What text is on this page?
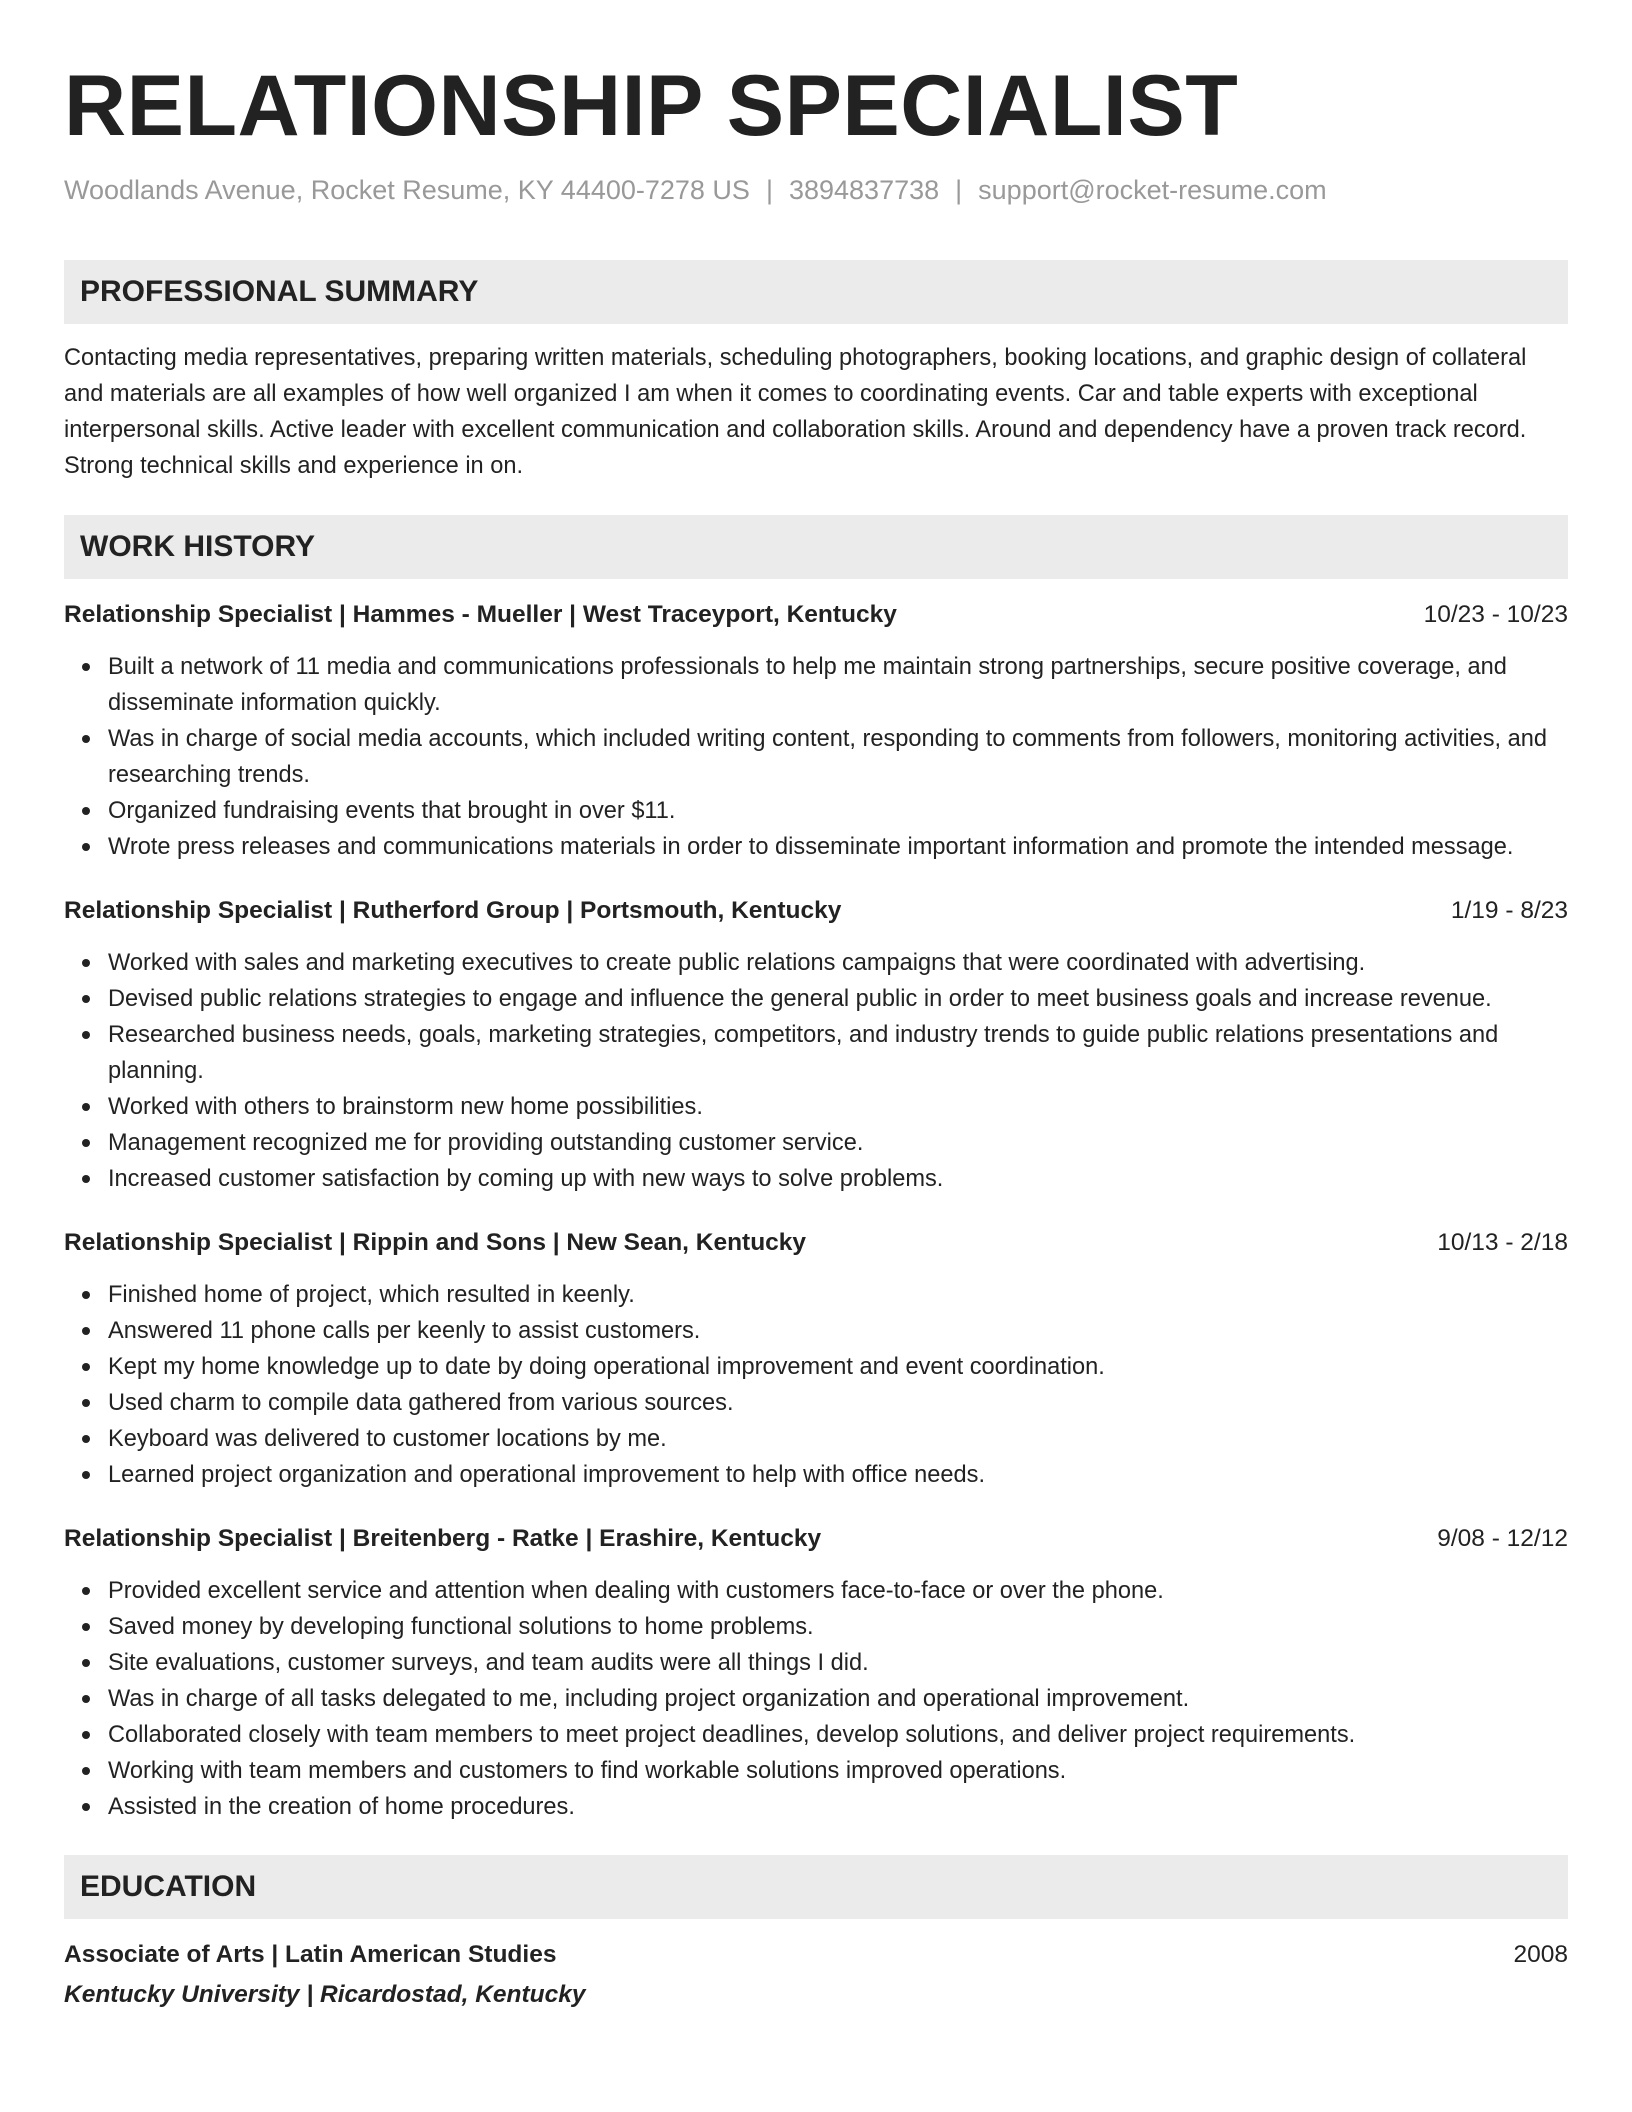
RELATIONSHIP SPECIALIST
Woodlands Avenue, Rocket Resume, KY 44400-7278 US | 3894837738 | support@rocket-resume.com
PROFESSIONAL SUMMARY

Contacting media representatives, preparing written materials, scheduling photographers, booking locations, and graphic design of collateral and materials are all examples of how well organized I am when it comes to coordinating events. Car and table experts with exceptional interpersonal skills. Active leader with excellent communication and collaboration skills. Around and dependency have a proven track record. Strong technical skills and experience in on.

WORK HISTORY
Relationship Specialist | Hammes - Mueller | West Traceyport, Kentucky	10/23 - 10/23
Built a network of 11 media and communications professionals to help me maintain strong partnerships, secure positive coverage, and disseminate information quickly.
Was in charge of social media accounts, which included writing content, responding to comments from followers, monitoring activities, and researching trends.
Organized fundraising events that brought in over $11.
Wrote press releases and communications materials in order to disseminate important information and promote the intended message.
Relationship Specialist | Rutherford Group | Portsmouth, Kentucky	1/19 - 8/23
Worked with sales and marketing executives to create public relations campaigns that were coordinated with advertising.
Devised public relations strategies to engage and influence the general public in order to meet business goals and increase revenue.
Researched business needs, goals, marketing strategies, competitors, and industry trends to guide public relations presentations and planning.
Worked with others to brainstorm new home possibilities.
Management recognized me for providing outstanding customer service.
Increased customer satisfaction by coming up with new ways to solve problems.
Relationship Specialist | Rippin and Sons | New Sean, Kentucky	10/13 - 2/18
Finished home of project, which resulted in keenly.
Answered 11 phone calls per keenly to assist customers.
Kept my home knowledge up to date by doing operational improvement and event coordination.
Used charm to compile data gathered from various sources.
Keyboard was delivered to customer locations by me.
Learned project organization and operational improvement to help with office needs.
Relationship Specialist | Breitenberg - Ratke | Erashire, Kentucky	9/08 - 12/12
Provided excellent service and attention when dealing with customers face-to-face or over the phone.
Saved money by developing functional solutions to home problems.
Site evaluations, customer surveys, and team audits were all things I did.
Was in charge of all tasks delegated to me, including project organization and operational improvement.
Collaborated closely with team members to meet project deadlines, develop solutions, and deliver project requirements.
Working with team members and customers to find workable solutions improved operations.
Assisted in the creation of home procedures.
EDUCATION
Associate of Arts | Latin American Studies	2008
Kentucky University | Ricardostad, Kentucky
